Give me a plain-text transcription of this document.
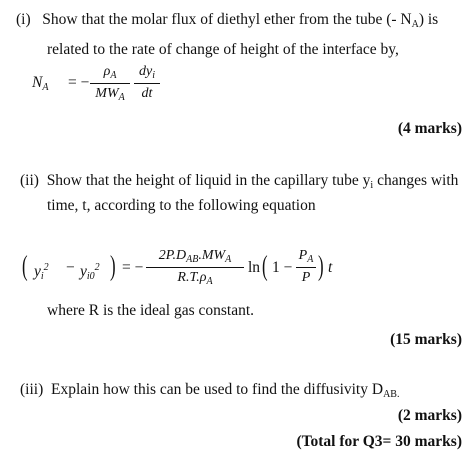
(i) Show that the molar flux of diethyl ether from the tube (- $N_A$) is
related to the rate of change of height of the interface by,
$N_A$ = −
$\rho_A$
$MW_A$
$dy_i$
dt
(4 marks)
(ii) Show that the height of liquid in the capillary tube $y_i$ changes with
time, t, according to the following equation
( $y_i^2 - y_{i0}^2$ ) = −
$2P.D_{AB}.MW_A$
$R.T.\rho_A$
ln ( 1 −
$P_A$
P ) t
where R is the ideal gas constant.
(15 marks)
(iii) Explain how this can be used to find the diffusivity $D_{AB.}$
(2 marks)
(Total for Q3= 30 marks)
